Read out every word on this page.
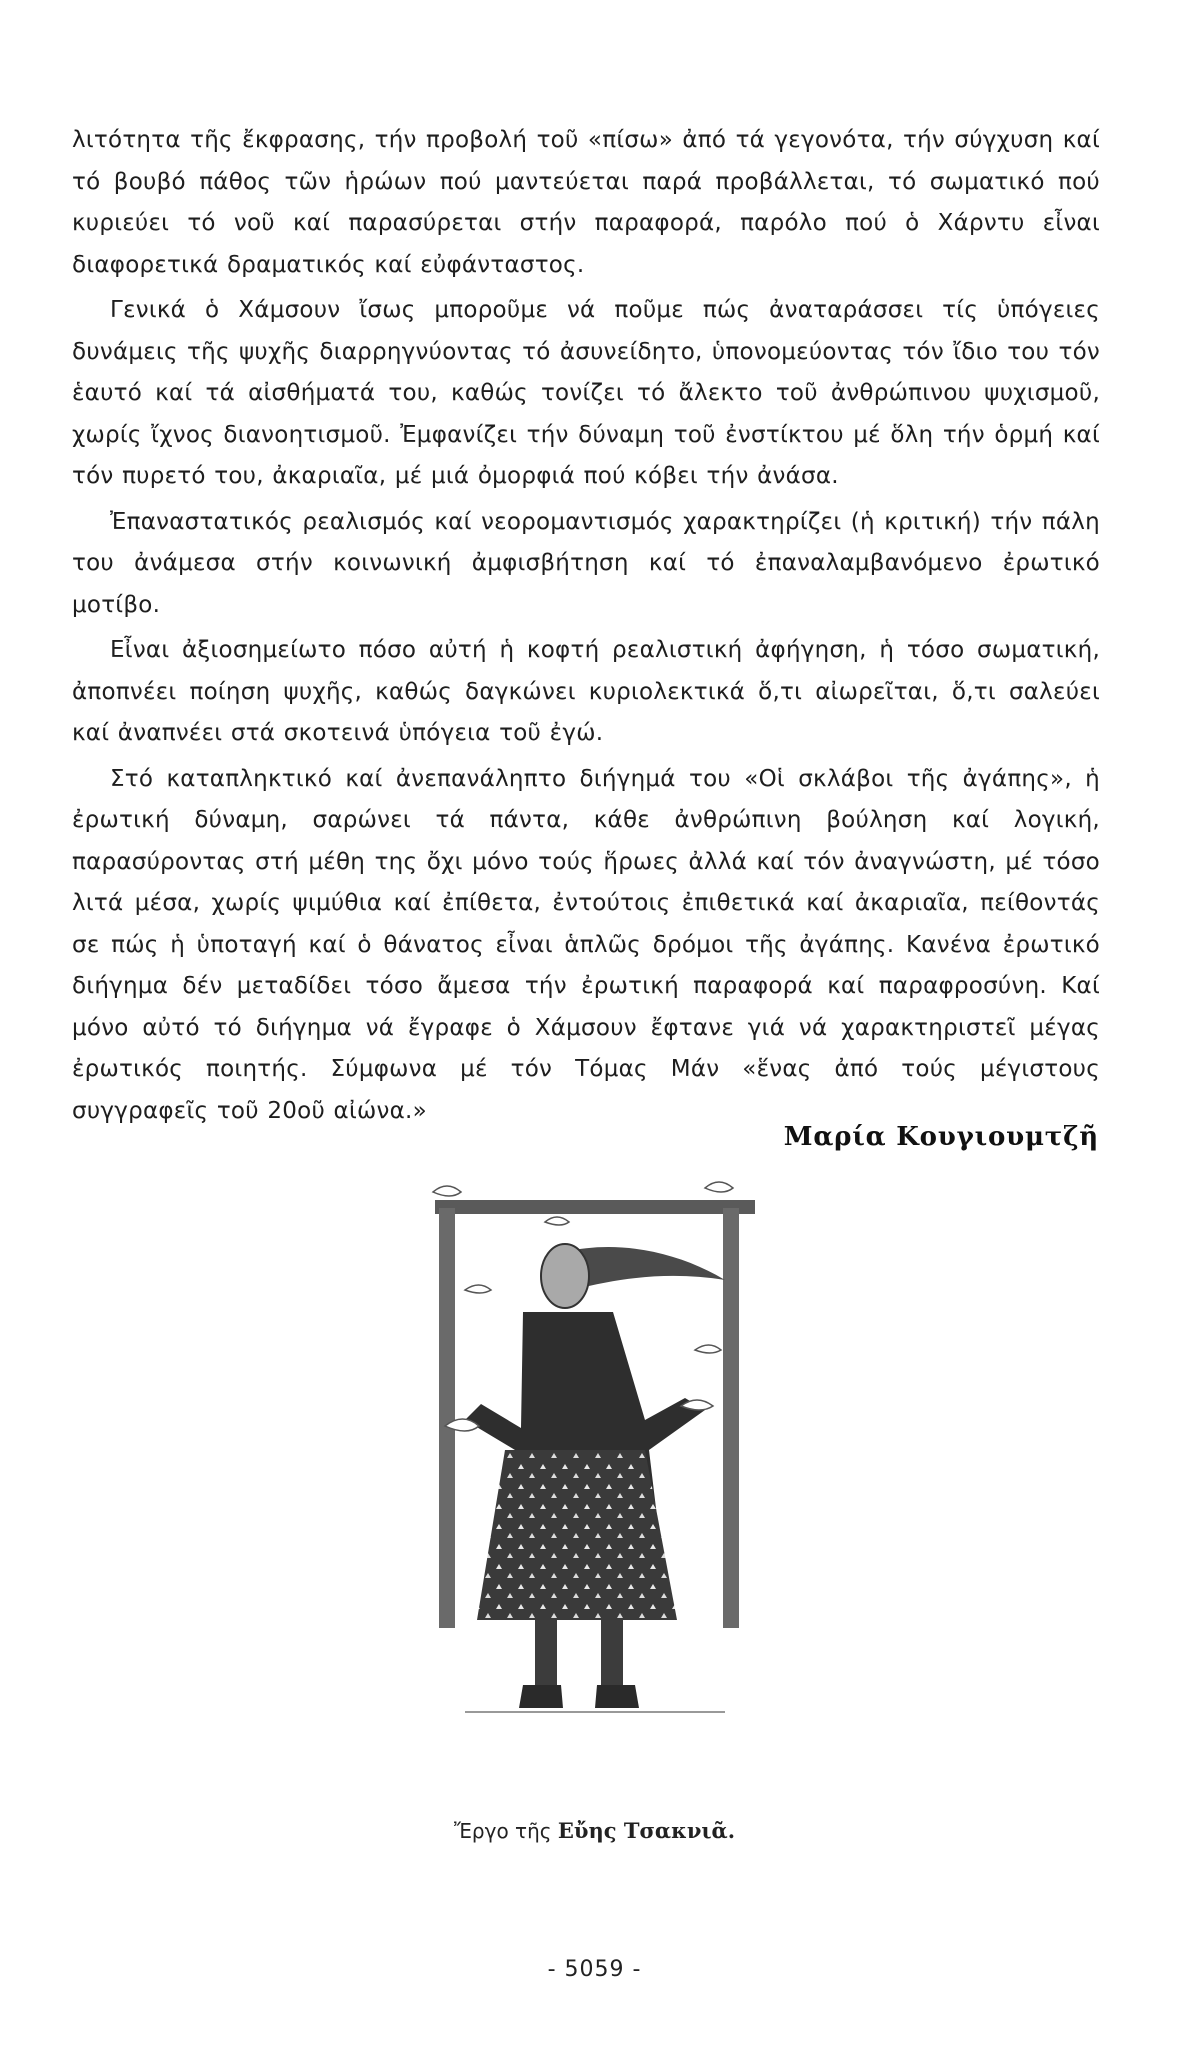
λιτότητα τῆς ἔκφρασης, τήν προβολή τοῦ «πίσω» ἀπό τά γεγονότα, τήν σύγχυση καί τό βουβό πάθος τῶν ἡρώων πού μαντεύεται παρά προβάλλεται, τό σωματικό πού κυριεύει τό νοῦ καί παρασύρεται στήν παραφορά, παρόλο πού ὁ Χάρντυ εἶναι διαφορετικά δραματικός καί εὐφάνταστος.

Γενικά ὁ Χάμσουν ἴσως μποροῦμε νά ποῦμε πώς ἀναταράσσει τίς ὑπόγειες δυνάμεις τῆς ψυχῆς διαρρηγνύοντας τό ἀσυνείδητο, ὑπονομεύοντας τόν ἴδιο του τόν ἑαυτό καί τά αἰσθήματά του, καθώς τονίζει τό ἄλεκτο τοῦ ἀνθρώπινου ψυχισμοῦ, χωρίς ἴχνος διανοητισμοῦ. Ἐμφανίζει τήν δύναμη τοῦ ἐνστίκτου μέ ὅλη τήν ὁρμή καί τόν πυρετό του, ἀκαριαῖα, μέ μιά ὀμορφιά πού κόβει τήν ἀνάσα.

Ἐπαναστατικός ρεαλισμός καί νεορομαντισμός χαρακτηρίζει (ἡ κριτική) τήν πάλη του ἀνάμεσα στήν κοινωνική ἀμφισβήτηση καί τό ἐπαναλαμβανόμενο ἐρωτικό μοτίβο.

Εἶναι ἀξιοσημείωτο πόσο αὐτή ἡ κοφτή ρεαλιστική ἀφήγηση, ἡ τόσο σωματική, ἀποπνέει ποίηση ψυχῆς, καθώς δαγκώνει κυριολεκτικά ὅ,τι αἰωρεῖται, ὅ,τι σαλεύει καί ἀναπνέει στά σκοτεινά ὑπόγεια τοῦ ἐγώ.

Στό καταπληκτικό καί ἀνεπανάληπτο διήγημά του «Οἱ σκλάβοι τῆς ἀγάπης», ἡ ἐρωτική δύναμη, σαρώνει τά πάντα, κάθε ἀνθρώπινη βούληση καί λογική, παρασύροντας στή μέθη της ὄχι μόνο τούς ἥρωες ἀλλά καί τόν ἀναγνώστη, μέ τόσο λιτά μέσα, χωρίς ψιμύθια καί ἐπίθετα, ἐντούτοις ἐπιθετικά καί ἀκαριαῖα, πείθοντάς σε πώς ἡ ὑποταγή καί ὁ θάνατος εἶναι ἁπλῶς δρόμοι τῆς ἀγάπης. Κανένα ἐρωτικό διήγημα δέν μεταδίδει τόσο ἄμεσα τήν ἐρωτική παραφορά καί παραφροσύνη. Καί μόνο αὐτό τό διήγημα νά ἔγραφε ὁ Χάμσουν ἔφτανε γιά νά χαρακτηριστεῖ μέγας ἐρωτικός ποιητής. Σύμφωνα μέ τόν Τόμας Μάν «ἕνας ἀπό τούς μέγιστους συγγραφεῖς τοῦ 20οῦ αἰώνα.»

Μαρία Κουγιουμτζῆ
Ἔργο τῆς Εὔης Τσακνιᾶ.
- 5059 -
